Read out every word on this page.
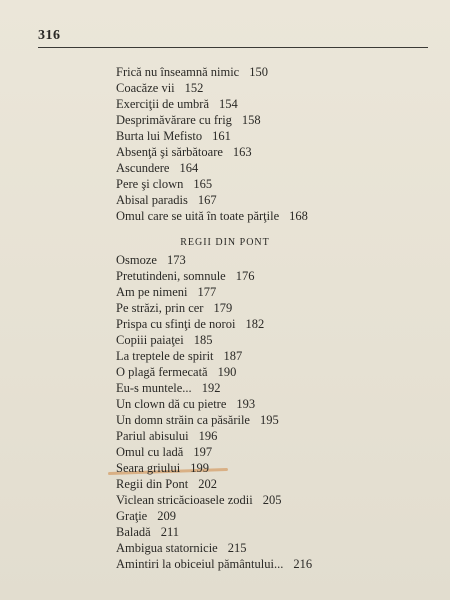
316
Frică nu înseamnă nimic 150
Coacăze vii 152
Exerciţii de umbră 154
Desprimăvărare cu frig 158
Burta lui Mefisto 161
Absenţă şi sărbătoare 163
Ascundere 164
Pere şi clown 165
Abisal paradis 167
Omul care se uită în toate părţile 168
REGII DIN PONT
Osmoze 173
Pretutindeni, somnule 176
Am pe nimeni 177
Pe străzi, prin cer 179
Prispa cu sfinţi de noroi 182
Copiii paiaţei 185
La treptele de spirit 187
O plagă fermecată 190
Eu-s muntele... 192
Un clown dă cu pietre 193
Un domn străin ca păsările 195
Pariul abisului 196
Omul cu ladă 197
Seara griului 199
Regii din Pont 202
Viclean stricăcioasele zodii 205
Graţie 209
Baladă 211
Ambigua statornicie 215
Amintiri la obiceiul pământului... 216
